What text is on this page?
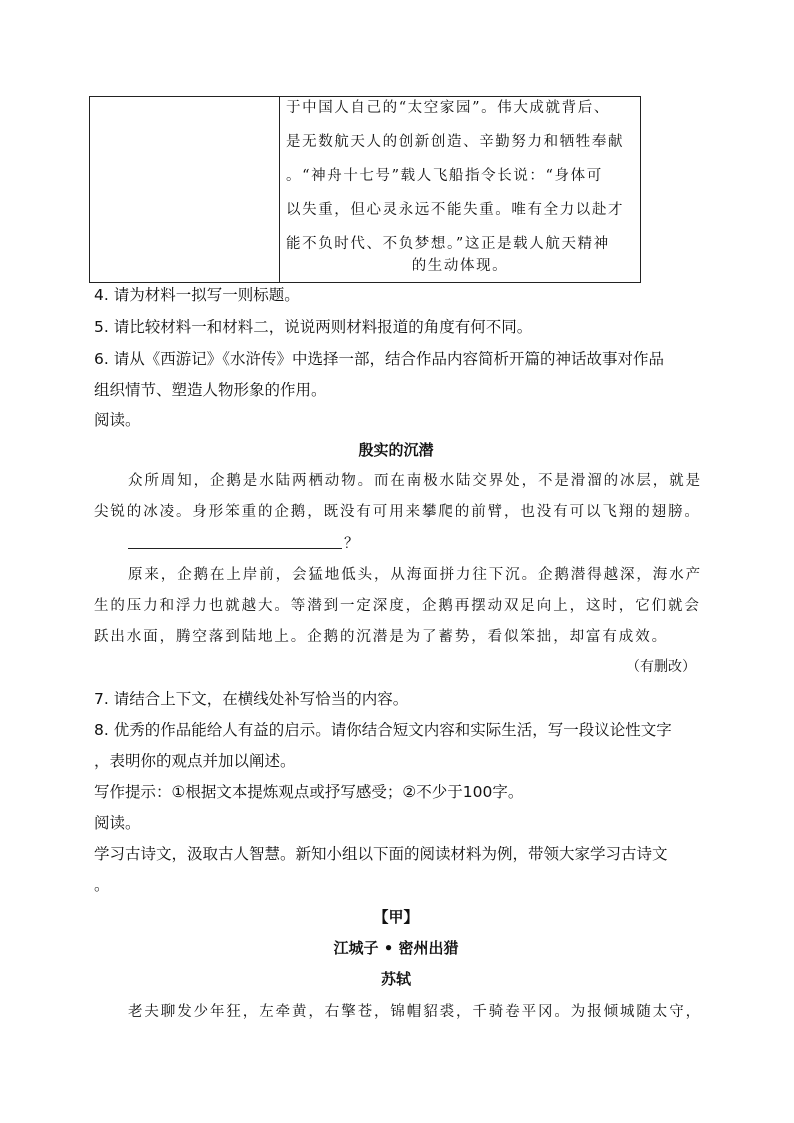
于中国人自己的“太空家园”。伟大成就背后、
是无数航天人的创新创造、辛勤努力和牺牲奉献
。“神舟十七号”载人飞船指令长说：“身体可
以失重，但心灵永远不能失重。唯有全力以赴才
能不负时代、不负梦想。”这正是载人航天精神
的生动体现。
4. 请为材料一拟写一则标题。
5. 请比较材料一和材料二，说说两则材料报道的角度有何不同。
6. 请从《西游记》《水浒传》中选择一部，结合作品内容简析开篇的神话故事对作品
组织情节、塑造人物形象的作用。
阅读。
殷实的沉潜
众所周知，企鹅是水陆两栖动物。而在南极水陆交界处，不是滑溜的冰层，就是
尖锐的冰凌。身形笨重的企鹅，既没有可用来攀爬的前臂，也没有可以飞翔的翅膀。
？
原来，企鹅在上岸前，会猛地低头，从海面拼力往下沉。企鹅潜得越深，海水产
生的压力和浮力也就越大。等潜到一定深度，企鹅再摆动双足向上，这时，它们就会
跃出水面，腾空落到陆地上。企鹅的沉潜是为了蓄势，看似笨拙，却富有成效。
（有删改）
7. 请结合上下文，在横线处补写恰当的内容。
8. 优秀的作品能给人有益的启示。请你结合短文内容和实际生活，写一段议论性文字
，表明你的观点并加以阐述。
写作提示：①根据文本提炼观点或抒写感受；②不少于100字。
阅读。
学习古诗文，汲取古人智慧。新知小组以下面的阅读材料为例，带领大家学习古诗文
。
【甲】
江城子 • 密州出猎
苏轼
老夫聊发少年狂，左牵黄，右擎苍，锦帽貂裘，千骑卷平冈。为报倾城随太守，
